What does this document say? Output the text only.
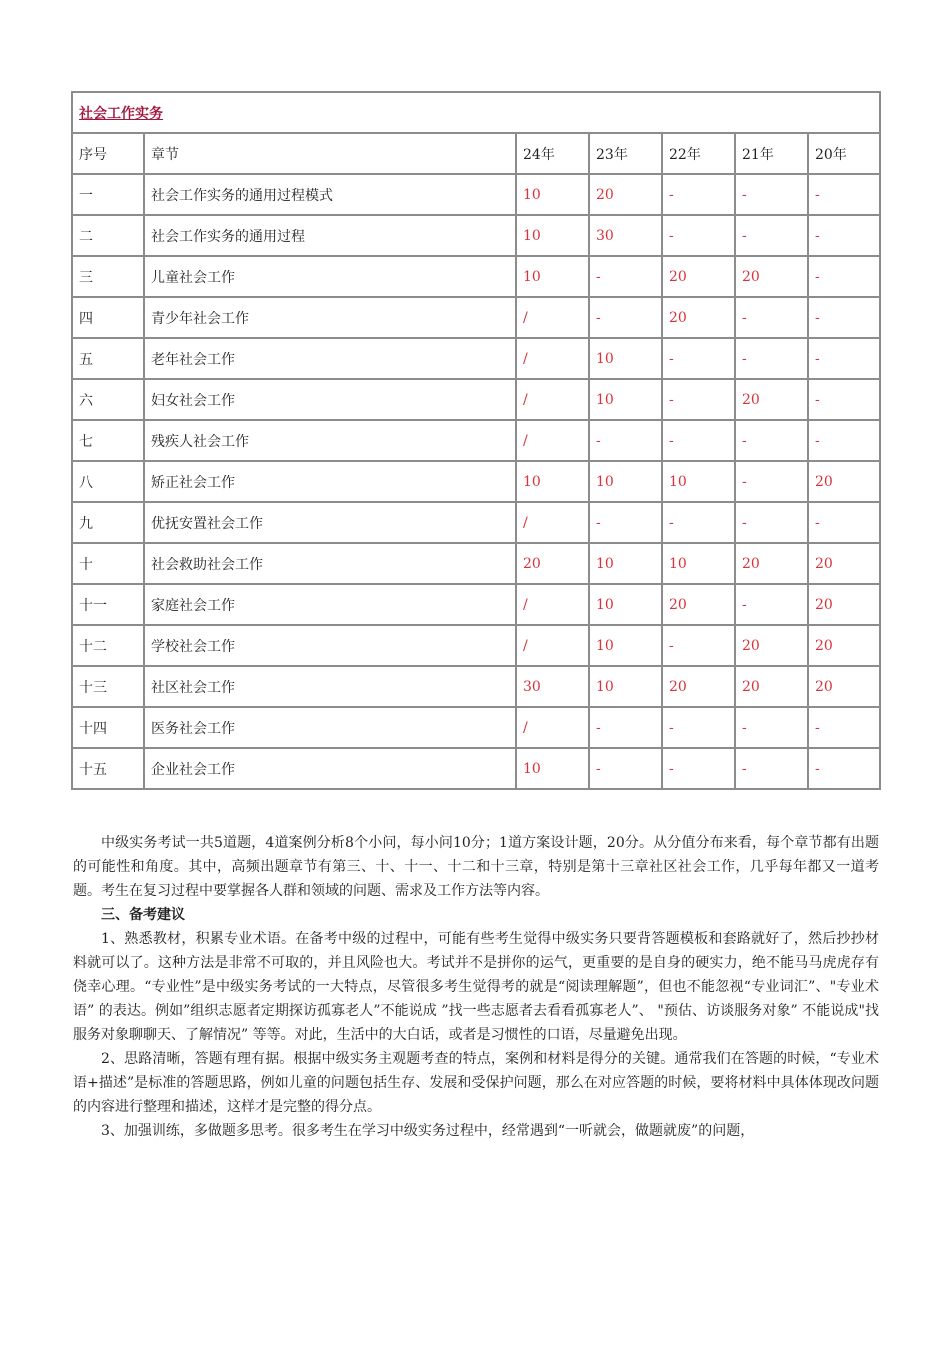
社会工作实务						
序号	章节	24年	23年	22年	21年	20年
一	社会工作实务的通用过程模式	10	20	-	-	-
二	社会工作实务的通用过程	10	30	-	-	-
三	儿童社会工作	10	-	20	20	-
四	青少年社会工作	/	-	20	-	-
五	老年社会工作	/	10	-	-	-
六	妇女社会工作	/	10	-	20	-
七	残疾人社会工作	/	-	-	-	-
八	矫正社会工作	10	10	10	-	20
九	优抚安置社会工作	/	-	-	-	-
十	社会救助社会工作	20	10	10	20	20
十一	家庭社会工作	/	10	20	-	20
十二	学校社会工作	/	10	-	20	20
十三	社区社会工作	30	10	20	20	20
十四	医务社会工作	/	-	-	-	-
十五	企业社会工作	10	-	-	-	-

中级实务考试一共5道题，4道案例分析8个小问，每小问10分；1道方案设计题，20分。从分值分布来看，每个章节都有出题的可能性和角度。其中，高频出题章节有第三、十、十一、十二和十三章，特别是第十三章社区社会工作，几乎每年都又一道考题。考生在复习过程中要掌握各人群和领域的问题、需求及工作方法等内容。

三、备考建议

1、熟悉教材，积累专业术语。在备考中级的过程中，可能有些考生觉得中级实务只要背答题模板和套路就好了，然后抄抄材料就可以了。这种方法是非常不可取的，并且风险也大。考试并不是拼你的运气，更重要的是自身的硬实力，绝不能马马虎虎存有侥幸心理。“专业性”是中级实务考试的一大特点，尽管很多考生觉得考的就是“阅读理解题”，但也不能忽视“专业词汇”、"专业术语” 的表达。例如”组织志愿者定期探访孤寡老人”不能说成 ”找一些志愿者去看看孤寡老人”、 "预估、访谈服务对象” 不能说成"找服务对象聊聊天、了解情况” 等等。对此，生活中的大白话，或者是习惯性的口语，尽量避免出现。

2、思路清晰，答题有理有据。根据中级实务主观题考查的特点，案例和材料是得分的关键。通常我们在答题的时候，“专业术语+描述”是标准的答题思路，例如儿童的问题包括生存、发展和受保护问题，那么在对应答题的时候，要将材料中具体体现改问题的内容进行整理和描述，这样才是完整的得分点。

3、加强训练，多做题多思考。很多考生在学习中级实务过程中，经常遇到“一听就会，做题就废”的问题，
